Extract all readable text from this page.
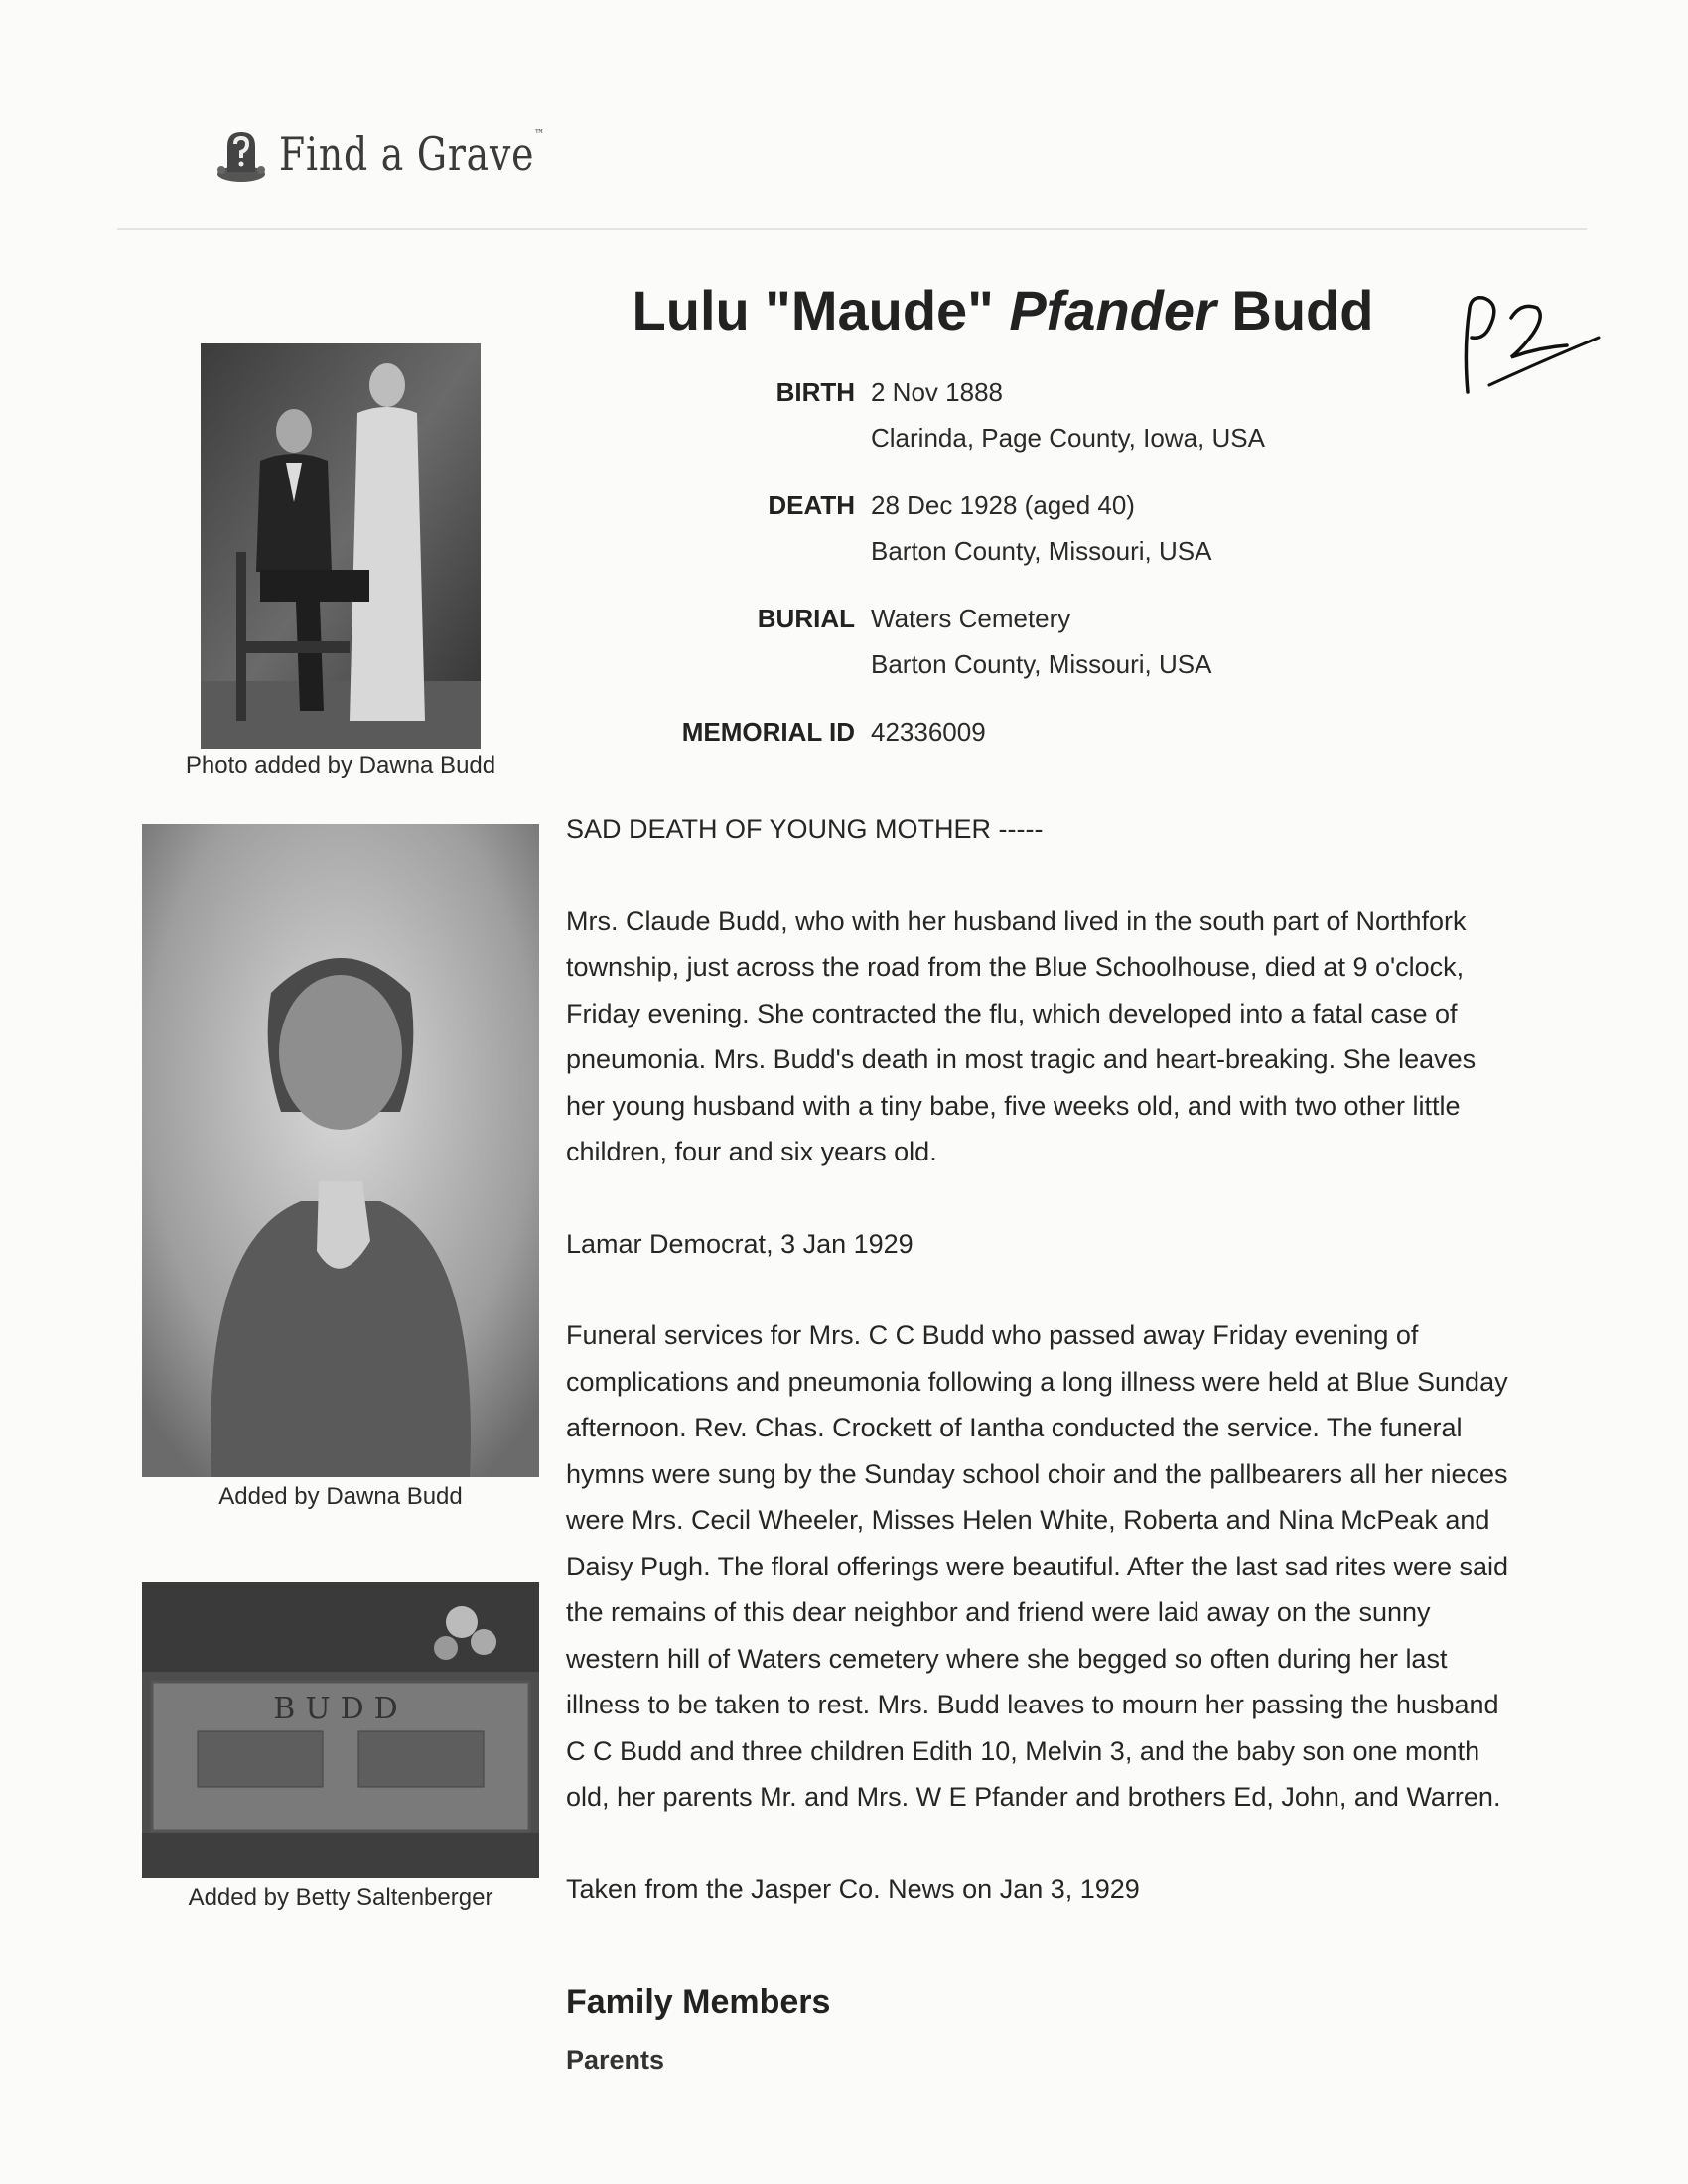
Find a Grave™
Lulu "Maude" Pfander Budd
BIRTH 2 Nov 1888
Clarinda, Page County, Iowa, USA
DEATH 28 Dec 1928 (aged 40)
Barton County, Missouri, USA
BURIAL Waters Cemetery
Barton County, Missouri, USA
MEMORIAL ID 42336009
Photo added by Dawna Budd
Added by Dawna Budd
BUDD
Added by Betty Saltenberger

SAD DEATH OF YOUNG MOTHER -----

Mrs. Claude Budd, who with her husband lived in the south part of Northfork township, just across the road from the Blue Schoolhouse, died at 9 o'clock, Friday evening. She contracted the flu, which developed into a fatal case of pneumonia. Mrs. Budd's death in most tragic and heart-breaking. She leaves her young husband with a tiny babe, five weeks old, and with two other little children, four and six years old.

Lamar Democrat, 3 Jan 1929

Funeral services for Mrs. C C Budd who passed away Friday evening of complications and pneumonia following a long illness were held at Blue Sunday afternoon. Rev. Chas. Crockett of Iantha conducted the service. The funeral hymns were sung by the Sunday school choir and the pallbearers all her nieces were Mrs. Cecil Wheeler, Misses Helen White, Roberta and Nina McPeak and Daisy Pugh. The floral offerings were beautiful. After the last sad rites were said the remains of this dear neighbor and friend were laid away on the sunny western hill of Waters cemetery where she begged so often during her last illness to be taken to rest. Mrs. Budd leaves to mourn her passing the husband C C Budd and three children Edith 10, Melvin 3, and the baby son one month old, her parents Mr. and Mrs. W E Pfander and brothers Ed, John, and Warren.

Taken from the Jasper Co. News on Jan 3, 1929

Family Members
Parents
